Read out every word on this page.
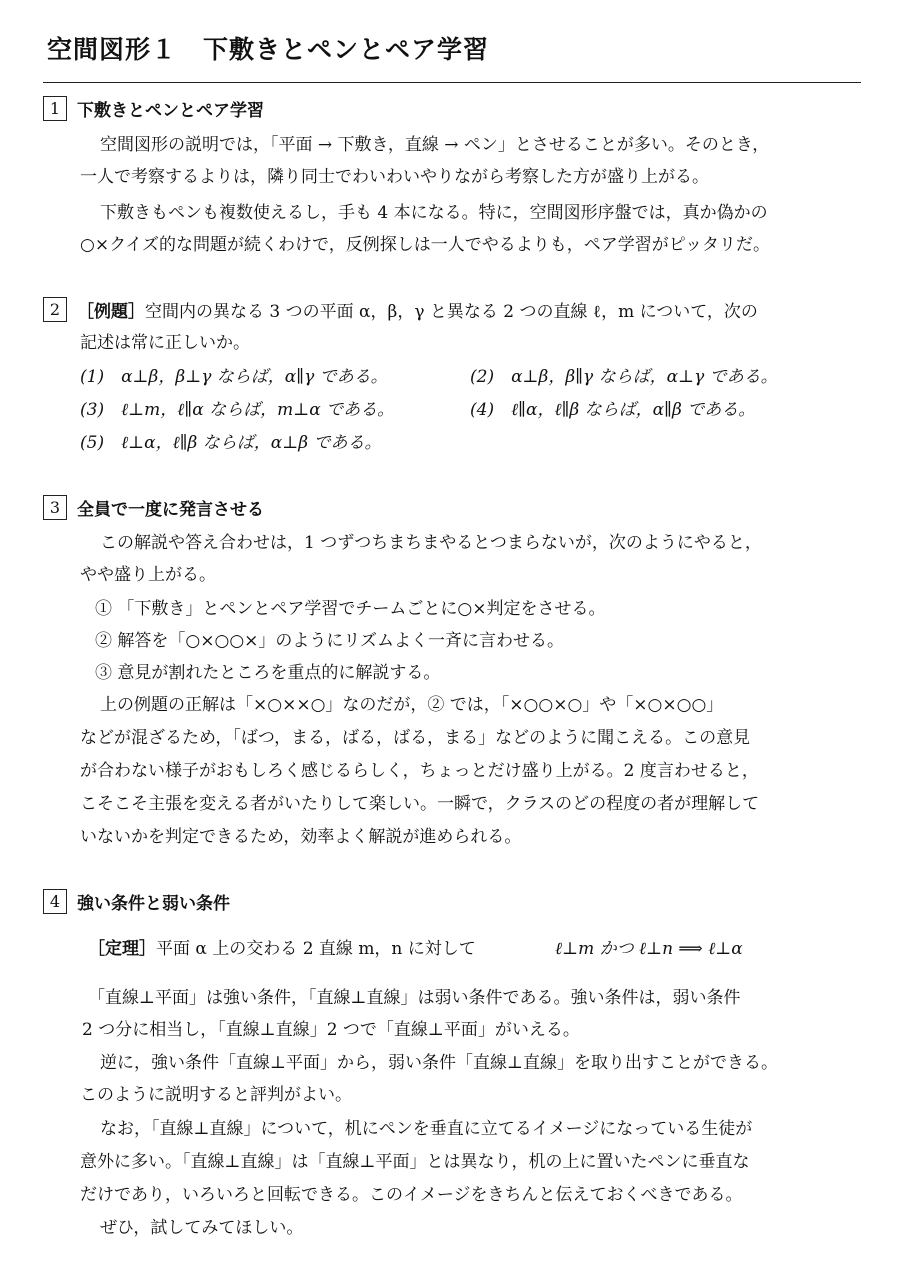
空間図形１　下敷きとペンとペア学習
1 下敷きとペンとペア学習
空間図形の説明では，「平面 → 下敷き，直線 → ペン」とさせることが多い。そのとき，
一人で考察するよりは，隣り同士でわいわいやりながら考察した方が盛り上がる。
下敷きもペンも複数使えるし，手も 4 本になる。特に，空間図形序盤では，真か偽かの
○×クイズ的な問題が続くわけで，反例探しは一人でやるよりも，ペア学習がピッタリだ。
2 ［例題］ 空間内の異なる 3 つの平面 α，β，γ と異なる 2 つの直線 ℓ，m について，次の
記述は常に正しいか。
(1)　α⊥β，β⊥γ ならば，α∥γ である。	(2)　α⊥β，β∥γ ならば，α⊥γ である。
(3)　ℓ⊥m，ℓ∥α ならば，m⊥α である。	(4)　ℓ∥α，ℓ∥β ならば，α∥β である。
(5)　ℓ⊥α，ℓ∥β ならば，α⊥β である。
3 全員で一度に発言させる
この解説や答え合わせは，1 つずつちまちまやるとつまらないが，次のようにやると，
やや盛り上がる。
① 「下敷き」とペンとペア学習でチームごとに○×判定をさせる。
② 解答を「○×○○×」のようにリズムよく一斉に言わせる。
③ 意見が割れたところを重点的に解説する。
上の例題の正解は「×○××○」なのだが，② では，「×○○×○」や「×○×○○」
などが混ざるため，「ばつ，まる，ばる，ばる，まる」などのように聞こえる。この意見
が合わない様子がおもしろく感じるらしく，ちょっとだけ盛り上がる。2 度言わせると，
こそこそ主張を変える者がいたりして楽しい。一瞬で，クラスのどの程度の者が理解して
いないかを判定できるため，効率よく解説が進められる。
4 強い条件と弱い条件
［定理］平面 α 上の交わる 2 直線 m，n に対して	ℓ⊥m かつ ℓ⊥n ⟹ ℓ⊥α
「直線⊥平面」は強い条件，「直線⊥直線」は弱い条件である。強い条件は，弱い条件
2 つ分に相当し，「直線⊥直線」2 つで「直線⊥平面」がいえる。
逆に，強い条件「直線⊥平面」から，弱い条件「直線⊥直線」を取り出すことができる。
このように説明すると評判がよい。
なお，「直線⊥直線」について，机にペンを垂直に立てるイメージになっている生徒が
意外に多い。「直線⊥直線」は「直線⊥平面」とは異なり，机の上に置いたペンに垂直な
だけであり，いろいろと回転できる。このイメージをきちんと伝えておくべきである。
ぜひ，試してみてほしい。
